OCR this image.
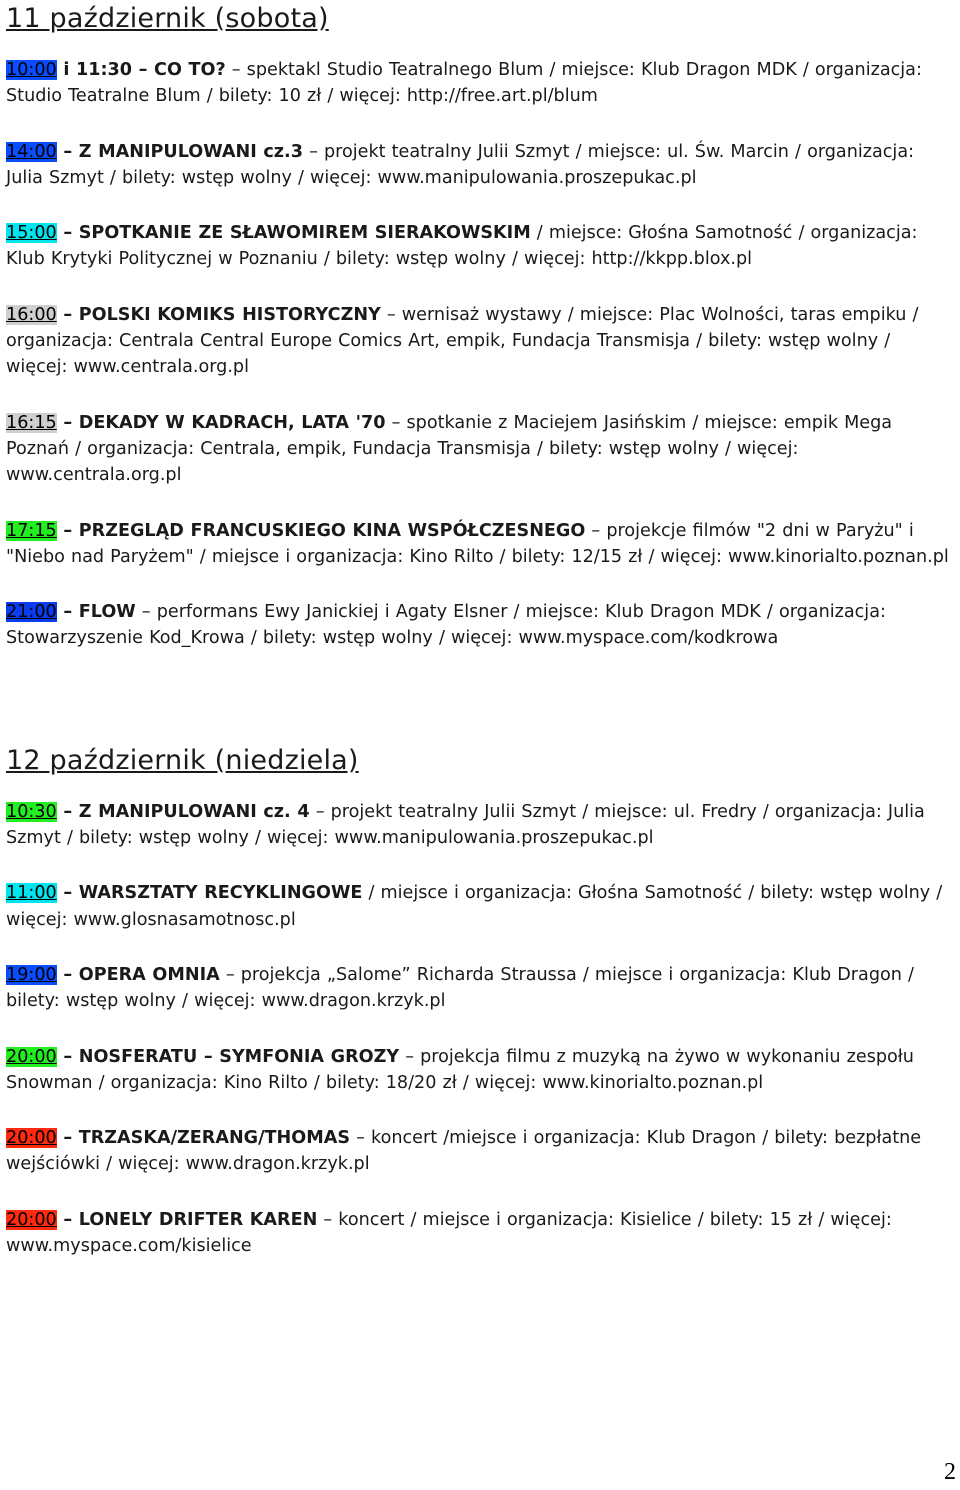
11 październik (sobota)

10:00 i 11:30 – CO TO? – spektakl Studio Teatralnego Blum / miejsce: Klub Dragon MDK / organizacja: Studio Teatralne Blum / bilety: 10 zł / więcej: http://free.art.pl/blum

14:00 – Z MANIPULOWANI cz.3 – projekt teatralny Julii Szmyt / miejsce: ul. Św. Marcin / organizacja: Julia Szmyt / bilety: wstęp wolny / więcej: www.manipulowania.proszepukac.pl

15:00 – SPOTKANIE ZE SŁAWOMIREM SIERAKOWSKIM / miejsce: Głośna Samotność / organizacja: Klub Krytyki Politycznej w Poznaniu / bilety: wstęp wolny / więcej: http://kkpp.blox.pl

16:00 – POLSKI KOMIKS HISTORYCZNY – wernisaż wystawy / miejsce: Plac Wolności, taras empiku / organizacja: Centrala Central Europe Comics Art, empik, Fundacja Transmisja / bilety: wstęp wolny / więcej: www.centrala.org.pl

16:15 – DEKADY W KADRACH, LATA '70 – spotkanie z Maciejem Jasińskim / miejsce: empik Mega Poznań / organizacja: Centrala, empik, Fundacja Transmisja / bilety: wstęp wolny / więcej: www.centrala.org.pl

17:15 – PRZEGLĄD FRANCUSKIEGO KINA WSPÓŁCZESNEGO – projekcje filmów "2 dni w Paryżu" i "Niebo nad Paryżem" / miejsce i organizacja: Kino Rilto / bilety: 12/15 zł / więcej: www.kinorialto.poznan.pl

21:00 – FLOW – performans Ewy Janickiej i Agaty Elsner / miejsce: Klub Dragon MDK / organizacja: Stowarzyszenie Kod_Krowa / bilety: wstęp wolny / więcej: www.myspace.com/kodkrowa

12 październik (niedziela)

10:30 – Z MANIPULOWANI cz. 4 – projekt teatralny Julii Szmyt / miejsce: ul. Fredry / organizacja: Julia Szmyt / bilety: wstęp wolny / więcej: www.manipulowania.proszepukac.pl

11:00 – WARSZTATY RECYKLINGOWE / miejsce i organizacja: Głośna Samotność / bilety: wstęp wolny / więcej: www.glosnasamotnosc.pl

19:00 – OPERA OMNIA – projekcja „Salome” Richarda Straussa / miejsce i organizacja: Klub Dragon / bilety: wstęp wolny / więcej: www.dragon.krzyk.pl

20:00 – NOSFERATU – SYMFONIA GROZY – projekcja filmu z muzyką na żywo w wykonaniu zespołu Snowman / organizacja: Kino Rilto / bilety: 18/20 zł / więcej: www.kinorialto.poznan.pl

20:00 – TRZASKA/ZERANG/THOMAS – koncert /miejsce i organizacja: Klub Dragon / bilety: bezpłatne wejściówki / więcej: www.dragon.krzyk.pl

20:00 – LONELY DRIFTER KAREN – koncert / miejsce i organizacja: Kisielice / bilety: 15 zł / więcej: www.myspace.com/kisielice

2
